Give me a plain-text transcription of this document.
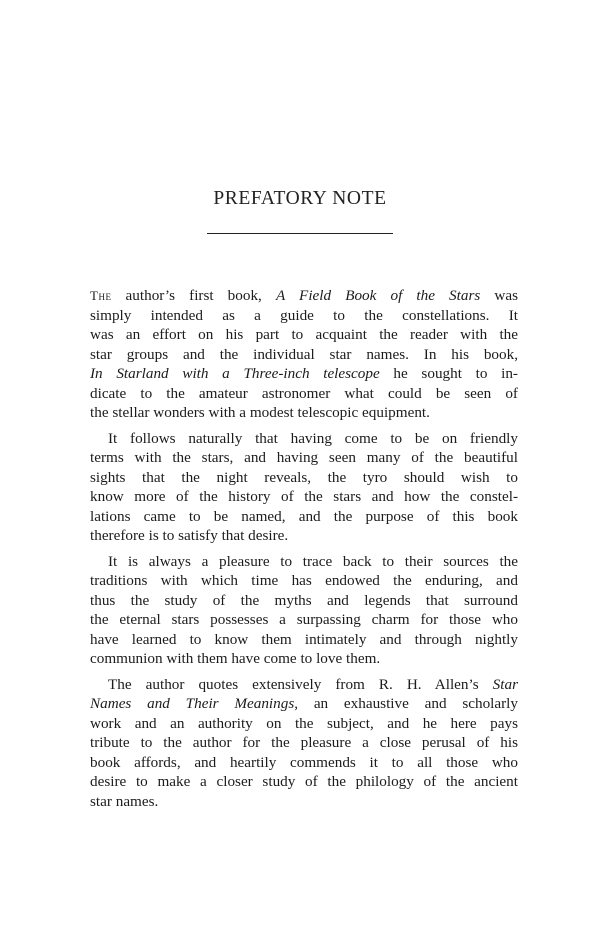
PREFATORY NOTE

The author’s first book, A Field Book of the Stars was
simply intended as a guide to the constellations. It
was an effort on his part to acquaint the reader with the
star groups and the individual star names. In his book,
In Starland with a Three-inch telescope he sought to in-
dicate to the amateur astronomer what could be seen of
the stellar wonders with a modest telescopic equipment.

It follows naturally that having come to be on friendly
terms with the stars, and having seen many of the beautiful
sights that the night reveals, the tyro should wish to
know more of the history of the stars and how the constel-
lations came to be named, and the purpose of this book
therefore is to satisfy that desire.

It is always a pleasure to trace back to their sources the
traditions with which time has endowed the enduring, and
thus the study of the myths and legends that surround
the eternal stars possesses a surpassing charm for those who
have learned to know them intimately and through nightly
communion with them have come to love them.

The author quotes extensively from R. H. Allen’s Star
Names and Their Meanings, an exhaustive and scholarly
work and an authority on the subject, and he here pays
tribute to the author for the pleasure a close perusal of his
book affords, and heartily commends it to all those who
desire to make a closer study of the philology of the ancient
star names.
